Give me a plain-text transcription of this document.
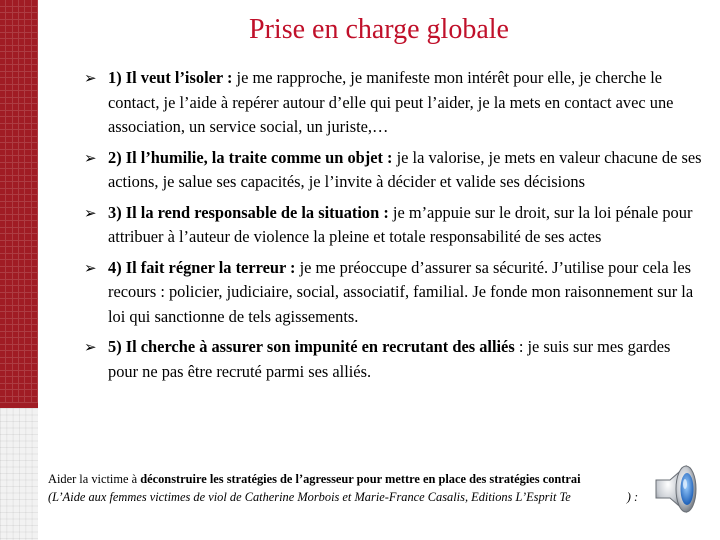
Prise en charge globale
➢ 1) Il veut l’isoler : je me rapproche, je manifeste mon intérêt pour elle, je cherche le contact, je l’aide à repérer autour d’elle qui peut l’aider, je la mets en contact avec une association, un service social, un juriste,…
➢ 2) Il l’humilie, la traite comme un objet : je la valorise, je mets en valeur chacune de ses actions, je salue ses capacités, je l’invite à décider et valide ses décisions
➢ 3) Il la rend responsable de la situation : je m’appuie sur le droit, sur la loi pénale pour attribuer à l’auteur de violence la pleine et totale responsabilité de ses actes
➢ 4) Il fait régner la terreur : je me préoccupe d’assurer sa sécurité. J’utilise pour cela les recours : policier, judiciaire, social, associatif, familial. Je fonde mon raisonnement sur la loi qui sanctionne de tels agissements.
➢ 5) Il cherche à assurer son impunité en recrutant des alliés : je suis sur mes gardes pour ne pas être recruté parmi ses alliés.
Aider la victime à déconstruire les stratégies de l’agresseur pour mettre en place des stratégies contrai
(L’Aide aux femmes victimes de viol de Catherine Morbois et Marie-France Casalis, Editions L’Esprit Te	) :
